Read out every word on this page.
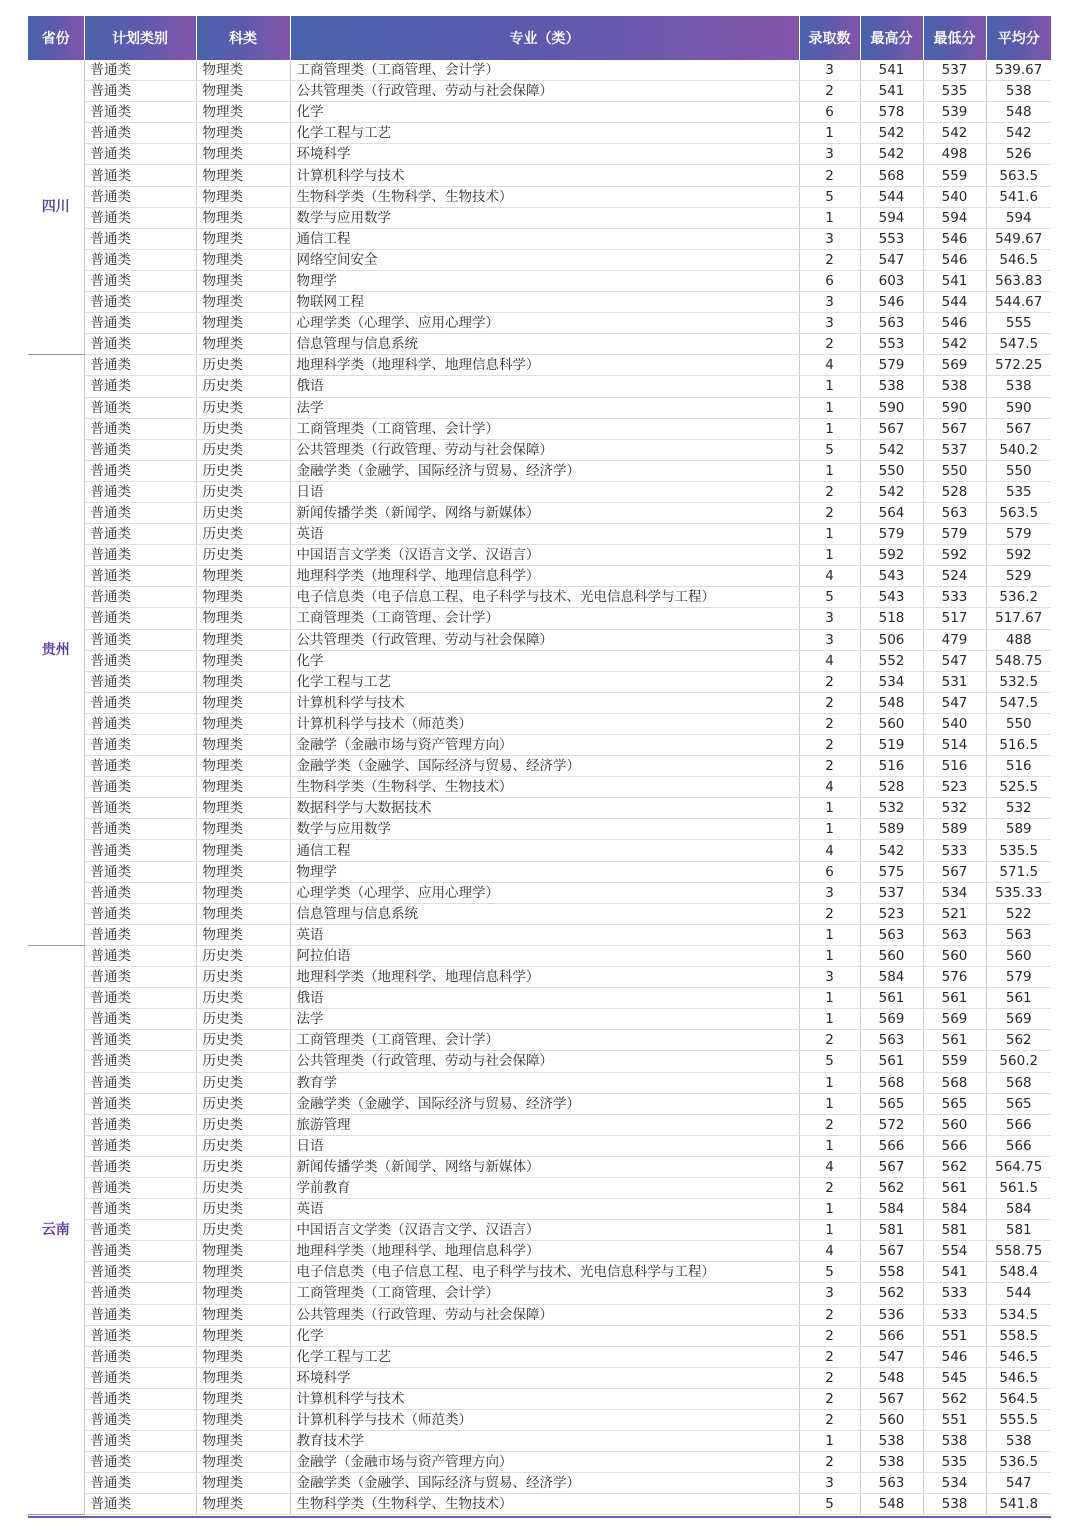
省份	计划类别	科类	专业（类）	录取数	最高分	最低分	平均分
四川	普通类	物理类	工商管理类（工商管理、会计学）	3	541	537	539.67
	普通类	物理类	公共管理类（行政管理、劳动与社会保障）	2	541	535	538
	普通类	物理类	化学	6	578	539	548
	普通类	物理类	化学工程与工艺	1	542	542	542
	普通类	物理类	环境科学	3	542	498	526
	普通类	物理类	计算机科学与技术	2	568	559	563.5
	普通类	物理类	生物科学类（生物科学、生物技术）	5	544	540	541.6
	普通类	物理类	数学与应用数学	1	594	594	594
	普通类	物理类	通信工程	3	553	546	549.67
	普通类	物理类	网络空间安全	2	547	546	546.5
	普通类	物理类	物理学	6	603	541	563.83
	普通类	物理类	物联网工程	3	546	544	544.67
	普通类	物理类	心理学类（心理学、应用心理学）	3	563	546	555
	普通类	物理类	信息管理与信息系统	2	553	542	547.5
贵州	普通类	历史类	地理科学类（地理科学、地理信息科学）	4	579	569	572.25
	普通类	历史类	俄语	1	538	538	538
	普通类	历史类	法学	1	590	590	590
	普通类	历史类	工商管理类（工商管理、会计学）	1	567	567	567
	普通类	历史类	公共管理类（行政管理、劳动与社会保障）	5	542	537	540.2
	普通类	历史类	金融学类（金融学、国际经济与贸易、经济学）	1	550	550	550
	普通类	历史类	日语	2	542	528	535
	普通类	历史类	新闻传播学类（新闻学、网络与新媒体）	2	564	563	563.5
	普通类	历史类	英语	1	579	579	579
	普通类	历史类	中国语言文学类（汉语言文学、汉语言）	1	592	592	592
	普通类	物理类	地理科学类（地理科学、地理信息科学）	4	543	524	529
	普通类	物理类	电子信息类（电子信息工程、电子科学与技术、光电信息科学与工程）	5	543	533	536.2
	普通类	物理类	工商管理类（工商管理、会计学）	3	518	517	517.67
	普通类	物理类	公共管理类（行政管理、劳动与社会保障）	3	506	479	488
	普通类	物理类	化学	4	552	547	548.75
	普通类	物理类	化学工程与工艺	2	534	531	532.5
	普通类	物理类	计算机科学与技术	2	548	547	547.5
	普通类	物理类	计算机科学与技术（师范类）	2	560	540	550
	普通类	物理类	金融学（金融市场与资产管理方向）	2	519	514	516.5
	普通类	物理类	金融学类（金融学、国际经济与贸易、经济学）	2	516	516	516
	普通类	物理类	生物科学类（生物科学、生物技术）	4	528	523	525.5
	普通类	物理类	数据科学与大数据技术	1	532	532	532
	普通类	物理类	数学与应用数学	1	589	589	589
	普通类	物理类	通信工程	4	542	533	535.5
	普通类	物理类	物理学	6	575	567	571.5
	普通类	物理类	心理学类（心理学、应用心理学）	3	537	534	535.33
	普通类	物理类	信息管理与信息系统	2	523	521	522
	普通类	物理类	英语	1	563	563	563
云南	普通类	历史类	阿拉伯语	1	560	560	560
	普通类	历史类	地理科学类（地理科学、地理信息科学）	3	584	576	579
	普通类	历史类	俄语	1	561	561	561
	普通类	历史类	法学	1	569	569	569
	普通类	历史类	工商管理类（工商管理、会计学）	2	563	561	562
	普通类	历史类	公共管理类（行政管理、劳动与社会保障）	5	561	559	560.2
	普通类	历史类	教育学	1	568	568	568
	普通类	历史类	金融学类（金融学、国际经济与贸易、经济学）	1	565	565	565
	普通类	历史类	旅游管理	2	572	560	566
	普通类	历史类	日语	1	566	566	566
	普通类	历史类	新闻传播学类（新闻学、网络与新媒体）	4	567	562	564.75
	普通类	历史类	学前教育	2	562	561	561.5
	普通类	历史类	英语	1	584	584	584
	普通类	历史类	中国语言文学类（汉语言文学、汉语言）	1	581	581	581
	普通类	物理类	地理科学类（地理科学、地理信息科学）	4	567	554	558.75
	普通类	物理类	电子信息类（电子信息工程、电子科学与技术、光电信息科学与工程）	5	558	541	548.4
	普通类	物理类	工商管理类（工商管理、会计学）	3	562	533	544
	普通类	物理类	公共管理类（行政管理、劳动与社会保障）	2	536	533	534.5
	普通类	物理类	化学	2	566	551	558.5
	普通类	物理类	化学工程与工艺	2	547	546	546.5
	普通类	物理类	环境科学	2	548	545	546.5
	普通类	物理类	计算机科学与技术	2	567	562	564.5
	普通类	物理类	计算机科学与技术（师范类）	2	560	551	555.5
	普通类	物理类	教育技术学	1	538	538	538
	普通类	物理类	金融学（金融市场与资产管理方向）	2	538	535	536.5
	普通类	物理类	金融学类（金融学、国际经济与贸易、经济学）	3	563	534	547
	普通类	物理类	生物科学类（生物科学、生物技术）	5	548	538	541.8
